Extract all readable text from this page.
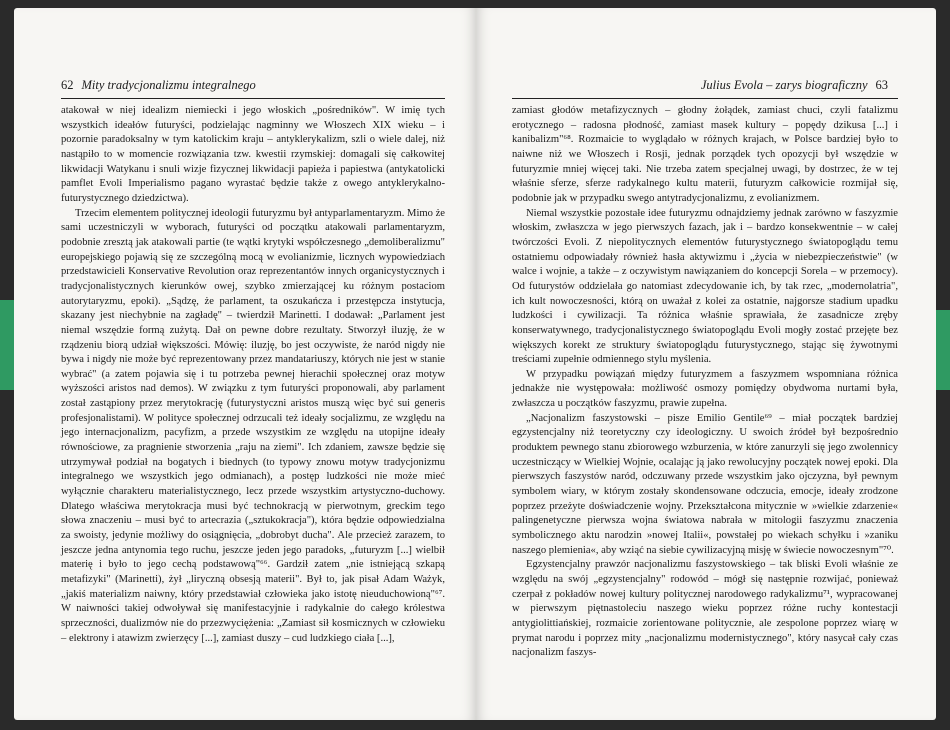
62 Mity tradycjonalizmu integralnego

atakował w niej idealizm niemiecki i jego włoskich „pośredników". W imię tych wszystkich ideałów futuryści, podzielając nagminny we Włoszech XIX wieku – i pozornie paradoksalny w tym katolickim kraju – antyklerykalizm, szli o wiele dalej, niż nastąpiło to w momencie rozwiązania tzw. kwestii rzymskiej: domagali się całkowitej likwidacji Watykanu i snuli wizje fizycznej likwidacji papieża i papiestwa (antykatolicki pamflet Evoli Imperialismo pagano wyrastać będzie także z owego antyklerykalno-futurystycznego dziedzictwa).

Trzecim elementem politycznej ideologii futuryzmu był antyparlamentaryzm. Mimo że sami uczestniczyli w wyborach, futuryści od początku atakowali parlamentaryzm, podobnie zresztą jak atakowali partie (te wątki krytyki współczesnego „demoliberalizmu" europejskiego pojawią się ze szczególną mocą w evolianizmie, licznych wypowiedziach przedstawicieli Konservative Revolution oraz reprezentantów innych organicystycznych i tradycjonalistycznych kierunków owej, szybko zmierzającej ku różnym postaciom autorytaryzmu, epoki). „Sądzę, że parlament, ta oszukańcza i przestępcza instytucja, skazany jest niechybnie na zagładę" – twierdził Marinetti. I dodawał: „Parlament jest niemal wszędzie formą zużytą. Dał on pewne dobre rezultaty. Stworzył iluzję, że w rządzeniu biorą udział większości. Mówię: iluzję, bo jest oczywiste, że naród nigdy nie bywa i nigdy nie może być reprezentowany przez mandatariuszy, których nie jest w stanie wybrać" (a zatem pojawia się i tu potrzeba pewnej hierachii społecznej oraz motyw wyższości aristos nad demos). W związku z tym futuryści proponowali, aby parlament został zastąpiony przez merytokrację (futurystyczni aristos muszą więc być sui generis profesjonalistami). W polityce społecznej odrzucali też ideały socjalizmu, ze względu na jego internacjonalizm, pacyfizm, a przede wszystkim ze względu na utopijne ideały równościowe, za pragnienie stworzenia „raju na ziemi". Ich zdaniem, zawsze będzie się utrzymywał podział na bogatych i biednych (to typowy znowu motyw tradycjonizmu integralnego we wszystkich jego odmianach), a postęp ludzkości nie może mieć wyłącznie charakteru materialistycznego, lecz przede wszystkim artystyczno-duchowy. Dlatego właściwa merytokracja musi być technokracją w pierwotnym, greckim tego słowa znaczeniu – musi być to artecrazia („sztukokracja"), która będzie odpowiedzialna za swoisty, jedynie możliwy do osiągnięcia, „dobrobyt ducha". Ale przecież zarazem, to jeszcze jedna antynomia tego ruchu, jeszcze jeden jego paradoks, „futuryzm [...] wielbił materię i było to jego cechą podstawową"⁶⁶. Gardził zatem „nie istniejącą szkapą metafizyki" (Marinetti), żył „liryczną obsesją materii". Był to, jak pisał Adam Ważyk, „jakiś materializm naiwny, który przedstawiał człowieka jako istotę nieuduchowioną"⁶⁷. W naiwności takiej odwoływał się manifestacyjnie i radykalnie do całego królestwa sprzeczności, dualizmów nie do przezwyciężenia: „Zamiast sił kosmicznych w człowieku – elektrony i atawizm zwierzęcy [...], zamiast duszy – cud ludzkiego ciała [...],

Julius Evola – zarys biograficzny 63

zamiast głodów metafizycznych – głodny żołądek, zamiast chuci, czyli fatalizmu erotycznego – radosna płodność, zamiast masek kultury – popędy dzikusa [...] i kanibalizm"⁶⁸. Rozmaicie to wyglądało w różnych krajach, w Polsce bardziej było to naiwne niż we Włoszech i Rosji, jednak porządek tych opozycji był wszędzie w futuryzmie mniej więcej taki. Nie trzeba zatem specjalnej uwagi, by dostrzec, że w tej właśnie sferze, sferze radykalnego kultu materii, futuryzm całkowicie rozmijał się, podobnie jak w przypadku swego antytradycjonalizmu, z evolianizmem.

Niemal wszystkie pozostałe idee futuryzmu odnajdziemy jednak zarówno w faszyzmie włoskim, zwłaszcza w jego pierwszych fazach, jak i – bardzo konsekwentnie – w całej twórczości Evoli. Z niepolitycznych elementów futurystycznego światopoglądu temu ostatniemu odpowiadały również hasła aktywizmu i „życia w niebezpieczeństwie" (w walce i wojnie, a także – z oczywistym nawiązaniem do koncepcji Sorela – w przemocy). Od futurystów oddzielała go natomiast zdecydowanie ich, by tak rzec, „modernolatria", ich kult nowoczesności, którą on uważał z kolei za ostatnie, najgorsze stadium upadku ludzkości i cywilizacji. Ta różnica właśnie sprawiała, że zasadnicze zręby konserwatywnego, tradycjonalistycznego światopoglądu Evoli mogły zostać przejęte bez większych korekt ze struktury światopoglądu futurystycznego, stając się żywotnymi treściami zupełnie odmiennego stylu myślenia.

W przypadku powiązań między futuryzmem a faszyzmem wspomniana różnica jednakże nie występowała: możliwość osmozy pomiędzy obydwoma nurtami była, zwłaszcza u początków faszyzmu, prawie zupełna.

„Nacjonalizm faszystowski – pisze Emilio Gentile⁶⁹ – miał początek bardziej egzystencjalny niż teoretyczny czy ideologiczny. U swoich źródeł był bezpośrednio produktem pewnego stanu zbiorowego wzburzenia, w które zanurzyli się jego zwolennicy uczestniczący w Wielkiej Wojnie, ocalając ją jako rewolucyjny początek nowej epoki. Dla pierwszych faszystów naród, odczuwany przede wszystkim jako ojczyzna, był pewnym symbolem wiary, w którym zostały skondensowane odczucia, emocje, ideały zrodzone poprzez przeżyte doświadczenie wojny. Przekształcona mitycznie w »wielkie zdarzenie« palingenetyczne pierwsza wojna światowa nabrała w mitologii faszyzmu znaczenia symbolicznego aktu narodzin »nowej Italii«, powstałej po wiekach schyłku i »zaniku naszego plemienia«, aby wziąć na siebie cywilizacyjną misję w świecie nowoczesnym"⁷⁰.

Egzystencjalny prawzór nacjonalizmu faszystowskiego – tak bliski Evoli właśnie ze względu na swój „egzystencjalny" rodowód – mógł się następnie rozwijać, ponieważ czerpał z pokładów nowej kultury politycznej narodowego radykalizmu⁷¹, wypracowanej w pierwszym piętnastoleciu naszego wieku poprzez różne ruchy kontestacji antygiolittiańskiej, rozmaicie zorientowane politycznie, ale zespolone poprzez wiarę w prymat narodu i poprzez mity „nacjonalizmu modernistycznego", który nasycał cały czas nacjonalizm faszys-
